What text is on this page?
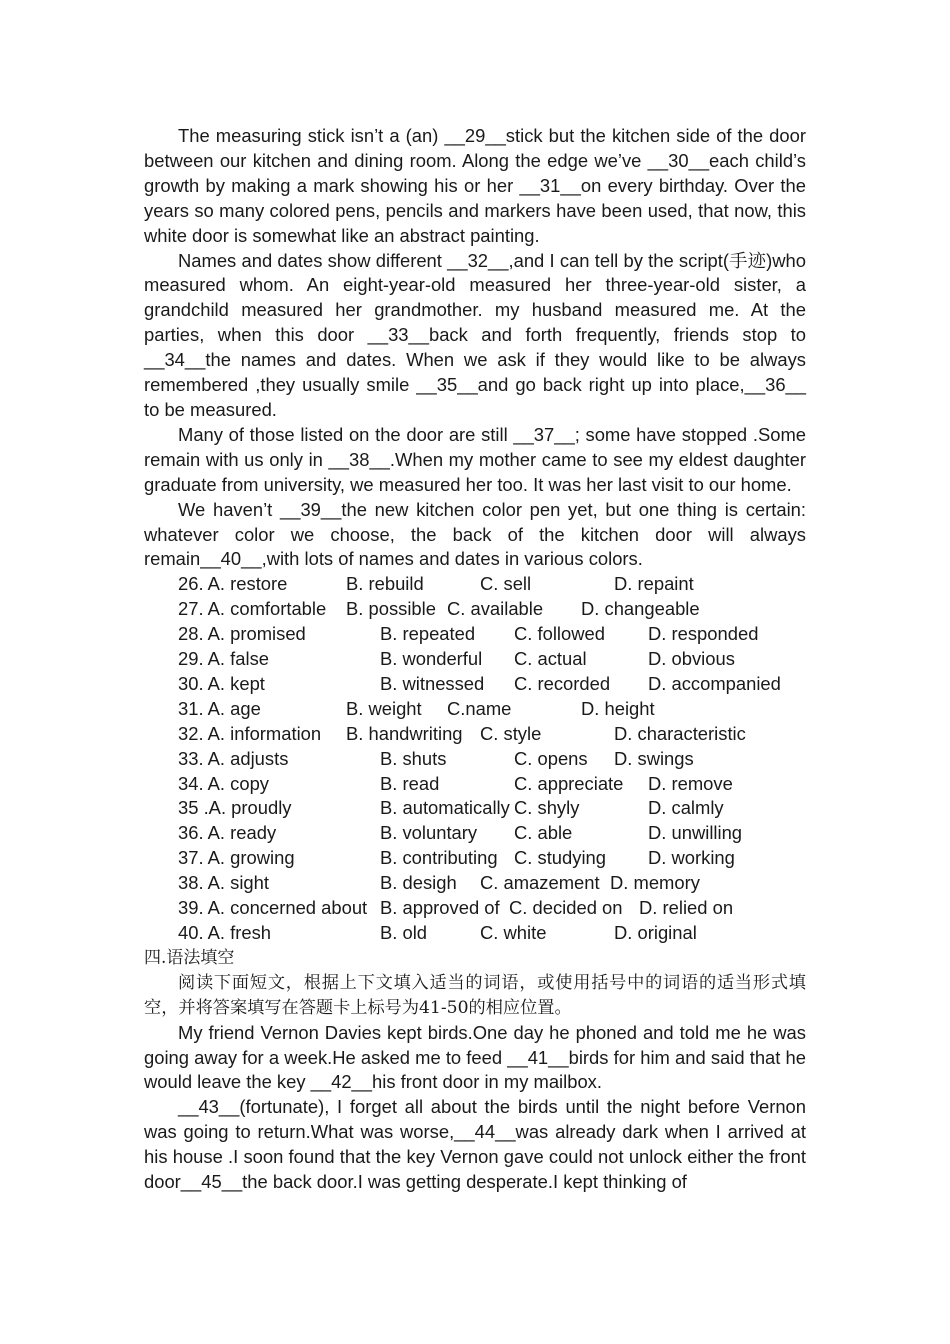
The measuring stick isn’t a (an) __29__stick but the kitchen side of the door between our kitchen and dining room. Along the edge we’ve __30__each child’s growth by making a mark showing his or her __31__on every birthday. Over the years so many colored pens, pencils and markers have been used, that now, this white door is somewhat like an abstract painting.

Names and dates show different __32__,and I can tell by the script(手迹)who measured whom. An eight-year-old measured her three-year-old sister, a grandchild measured her grandmother. my husband measured me. At the parties, when this door __33__back and forth frequently, friends stop to __34__the names and dates. When we ask if they would like to be always remembered ,they usually smile __35__and go back right up into place,__36__ to be measured.

Many of those listed on the door are still __37__; some have stopped .Some remain with us only in __38__.When my mother came to see my eldest daughter graduate from university, we measured her too. It was her last visit to our home.

We haven’t __39__the new kitchen color pen yet, but one thing is certain: whatever color we choose, the back of the kitchen door will always remain__40__,with lots of names and dates in various colors.

26. A. restore	B. rebuild	C. sell	D. repaint
27. A. comfortable	B. possible C. available	D. changeable
28. A. promised	B. repeated	C. followed	D. responded
29. A. false	B. wonderful	C. actual	D. obvious
30. A. kept	B. witnessed	C. recorded	D. accompanied
31. A. age	B. weight	C.name	D. height
32. A. information	B. handwriting C. style	D. characteristic
33. A. adjusts	B. shuts	C. opens	D. swings
34. A. copy	B. read	C. appreciate	D. remove
35 .A. proudly	B. automatically C. shyly	D. calmly
36. A. ready	B. voluntary	C. able	D. unwilling
37. A. growing	B. contributing C. studying	D. working
38. A. sight	B. desigh	C. amazement D. memory
39. A. concerned about B. approved of C. decided on D. relied on
40. A. fresh	B. old	C. white	D. original

四.语法填空

阅读下面短文，根据上下文填入适当的词语，或使用括号中的词语的适当形式填空，并将答案填写在答题卡上标号为41-50的相应位置。

My friend Vernon Davies kept birds.One day he phoned and told me he was going away for a week.He asked me to feed __41__birds for him and said that he would leave the key __42__his front door in my mailbox.

__43__(fortunate), I forget all about the birds until the night before Vernon was going to return.What was worse,__44__was already dark when I arrived at his house .I soon found that the key Vernon gave could not unlock either the front door__45__the back door.I was getting desperate.I kept thinking of
